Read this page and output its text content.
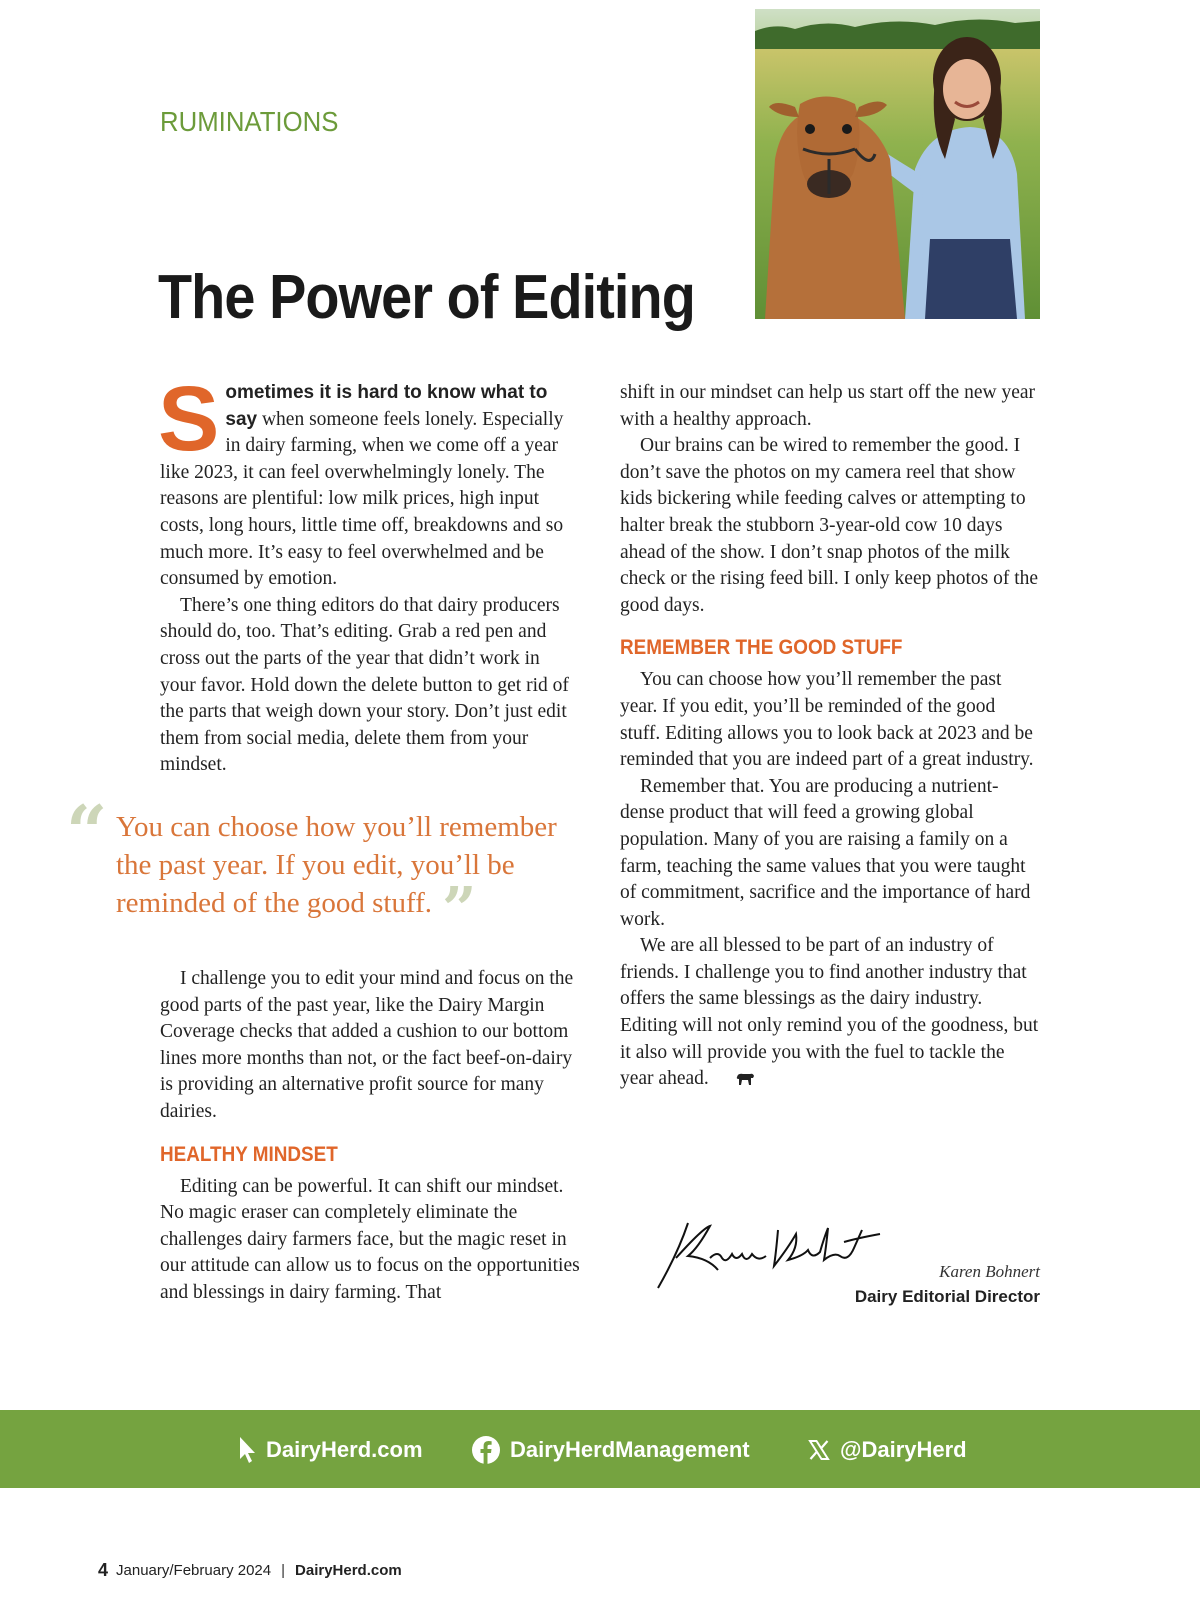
RUMINATIONS
The Power of Editing

Sometimes it is hard to know what to say when someone feels lonely. Especially in dairy farming, when we come off a year like 2023, it can feel overwhelmingly lonely. The reasons are plentiful: low milk prices, high input costs, long hours, little time off, breakdowns and so much more. It’s easy to feel overwhelmed and be consumed by emotion.

There’s one thing editors do that dairy producers should do, too. That’s editing. Grab a red pen and cross out the parts of the year that didn’t work in your favor. Hold down the delete button to get rid of the parts that weigh down your story. Don’t just edit them from social media, delete them from your mindset.

“ You can choose how you’ll remember the past year. If you edit, you’ll be reminded of the good stuff. ”

I challenge you to edit your mind and focus on the good parts of the past year, like the Dairy Margin Coverage checks that added a cushion to our bottom lines more months than not, or the fact beef-on-dairy is providing an alternative profit source for many dairies.

HEALTHY MINDSET

Editing can be powerful. It can shift our mindset. No magic eraser can completely eliminate the challenges dairy farmers face, but the magic reset in our attitude can allow us to focus on the opportunities and blessings in dairy farming. That

shift in our mindset can help us start off the new year with a healthy approach.

Our brains can be wired to remember the good. I don’t save the photos on my camera reel that show kids bickering while feeding calves or attempting to halter break the stubborn 3-year-old cow 10 days ahead of the show. I don’t snap photos of the milk check or the rising feed bill. I only keep photos of the good days.

REMEMBER THE GOOD STUFF

You can choose how you’ll remember the past year. If you edit, you’ll be reminded of the good stuff. Editing allows you to look back at 2023 and be reminded that you are indeed part of a great industry.

Remember that. You are producing a nutrient-dense product that will feed a growing global population. Many of you are raising a family on a farm, teaching the same values that you were taught of commitment, sacrifice and the importance of hard work.

We are all blessed to be part of an industry of friends. I challenge you to find another industry that offers the same blessings as the dairy industry. Editing will not only remind you of the goodness, but it also will provide you with the fuel to tackle the year ahead.

Karen Bohnert
Dairy Editorial Director
DairyHerd.com	DairyHerdManagement	@DairyHerd
4 January/February 2024 | DairyHerd.com
